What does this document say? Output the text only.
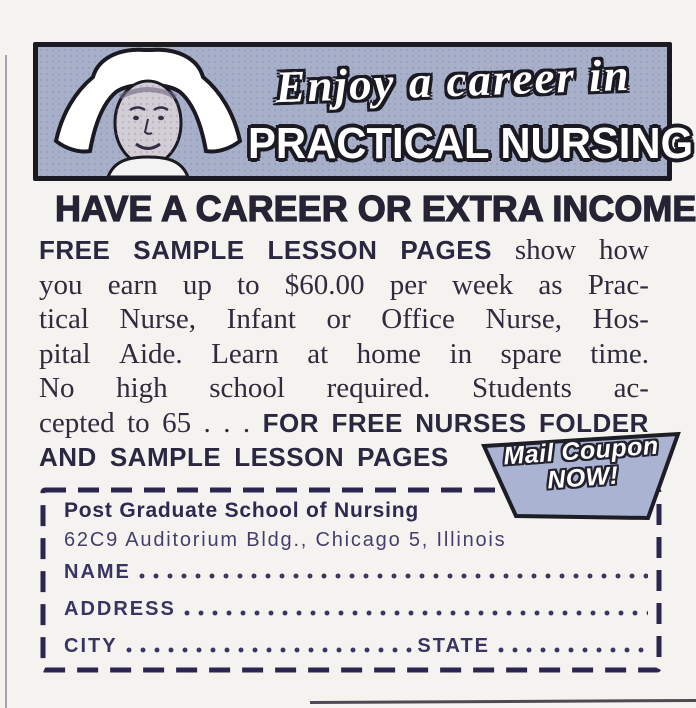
Enjoy a career in
PRACTICAL NURSING
HAVE A CAREER OR EXTRA INCOME
FREE SAMPLE LESSON PAGES show how
you earn up to $60.00 per week as Prac-
tical Nurse, Infant or Office Nurse, Hos-
pital Aide. Learn at home in spare time.
No high school required. Students ac-
cepted to 65 . . . FOR FREE NURSES FOLDER
AND SAMPLE LESSON PAGES	Mail Coupon
NOW!
Post Graduate School of Nursing
62C9 Auditorium Bldg., Chicago 5, Illinois
NAME
ADDRESS
CITY	STATE
